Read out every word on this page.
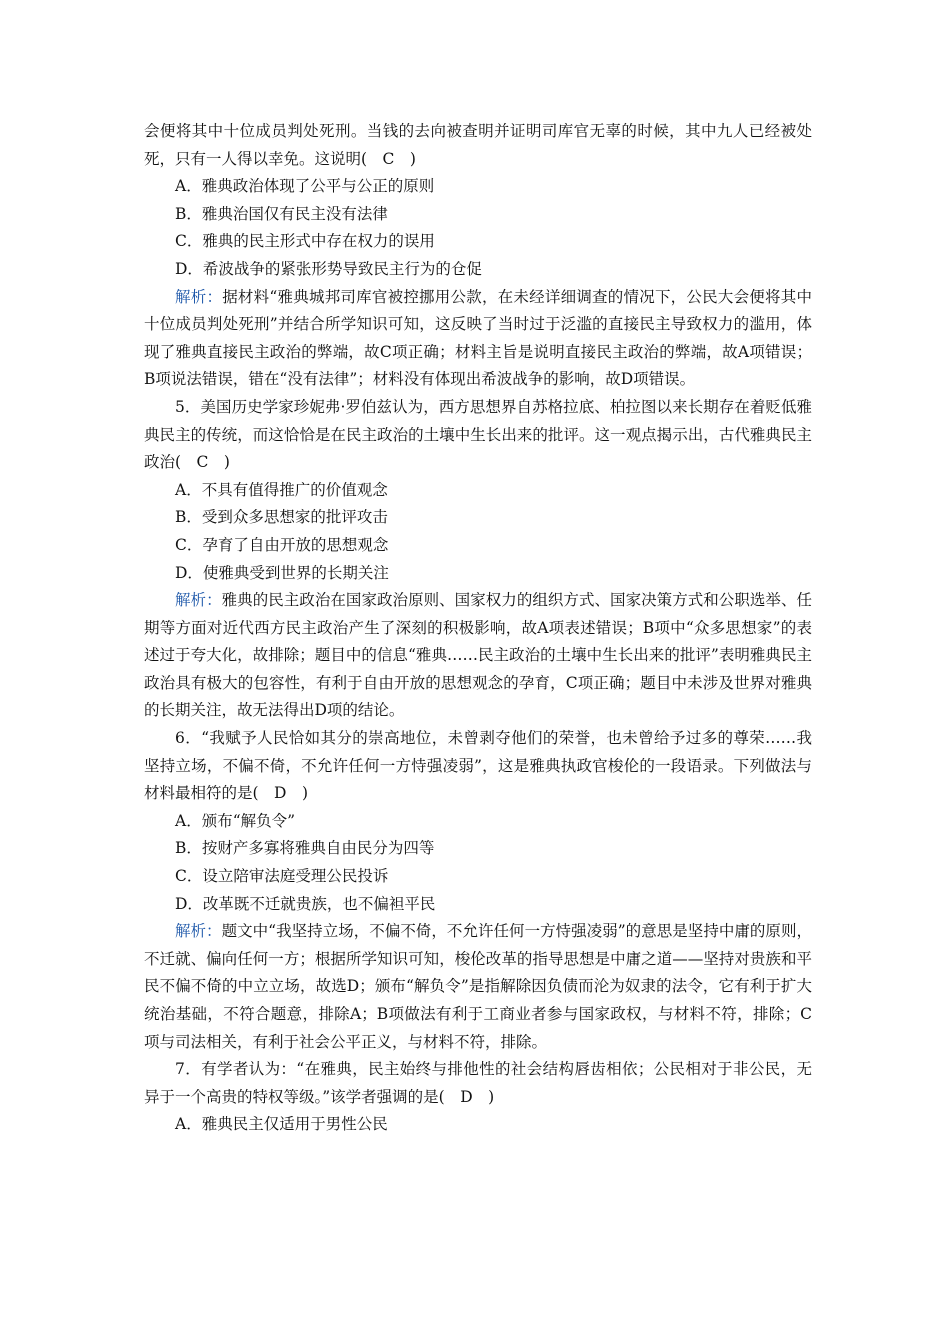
会便将其中十位成员判处死刑。当钱的去向被查明并证明司库官无辜的时候，其中九人已经被处死，只有一人得以幸免。这说明(　C　)

A．雅典政治体现了公平与公正的原则

B．雅典治国仅有民主没有法律

C．雅典的民主形式中存在权力的误用

D．希波战争的紧张形势导致民主行为的仓促

解析：据材料“雅典城邦司库官被控挪用公款，在未经详细调查的情况下，公民大会便将其中十位成员判处死刑”并结合所学知识可知，这反映了当时过于泛滥的直接民主导致权力的滥用，体现了雅典直接民主政治的弊端，故C项正确；材料主旨是说明直接民主政治的弊端，故A项错误；B项说法错误，错在“没有法律”；材料没有体现出希波战争的影响，故D项错误。

5．美国历史学家珍妮弗·罗伯兹认为，西方思想界自苏格拉底、柏拉图以来长期存在着贬低雅典民主的传统，而这恰恰是在民主政治的土壤中生长出来的批评。这一观点揭示出，古代雅典民主政治(　C　)

A．不具有值得推广的价值观念

B．受到众多思想家的批评攻击

C．孕育了自由开放的思想观念

D．使雅典受到世界的长期关注

解析：雅典的民主政治在国家政治原则、国家权力的组织方式、国家决策方式和公职选举、任期等方面对近代西方民主政治产生了深刻的积极影响，故A项表述错误；B项中“众多思想家”的表述过于夸大化，故排除；题目中的信息“雅典……民主政治的土壤中生长出来的批评”表明雅典民主政治具有极大的包容性，有利于自由开放的思想观念的孕育，C项正确；题目中未涉及世界对雅典的长期关注，故无法得出D项的结论。

6．“我赋予人民恰如其分的崇高地位，未曾剥夺他们的荣誉，也未曾给予过多的尊荣……我坚持立场，不偏不倚，不允许任何一方恃强凌弱”，这是雅典执政官梭伦的一段语录。下列做法与材料最相符的是(　D　)

A．颁布“解负令”

B．按财产多寡将雅典自由民分为四等

C．设立陪审法庭受理公民投诉

D．改革既不迁就贵族，也不偏袒平民

解析：题文中“我坚持立场，不偏不倚，不允许任何一方恃强凌弱”的意思是坚持中庸的原则，不迁就、偏向任何一方；根据所学知识可知，梭伦改革的指导思想是中庸之道——坚持对贵族和平民不偏不倚的中立立场，故选D；颁布“解负令”是指解除因负债而沦为奴隶的法令，它有利于扩大统治基础，不符合题意，排除A；B项做法有利于工商业者参与国家政权，与材料不符，排除；C项与司法相关，有利于社会公平正义，与材料不符，排除。

7．有学者认为：“在雅典，民主始终与排他性的社会结构唇齿相依；公民相对于非公民，无异于一个高贵的特权等级。”该学者强调的是(　D　)

A．雅典民主仅适用于男性公民
